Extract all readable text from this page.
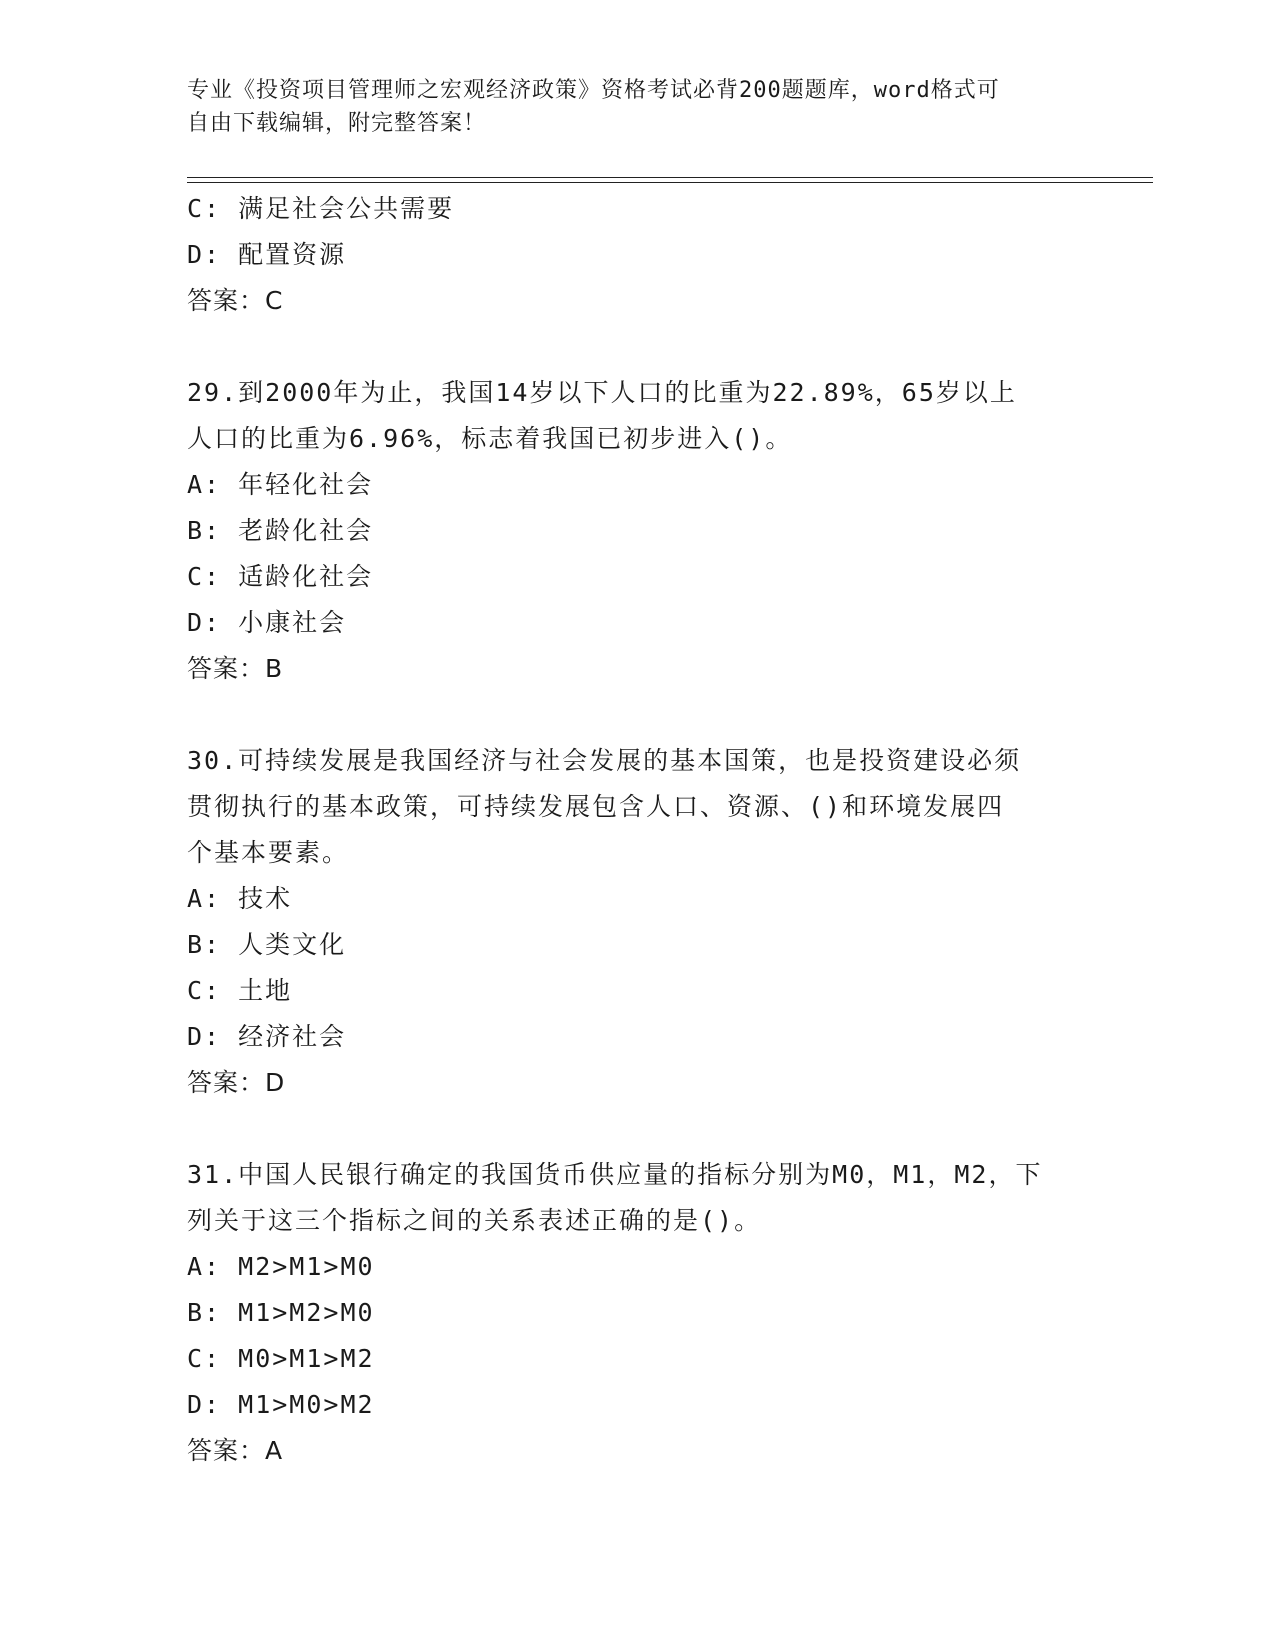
专业《投资项目管理师之宏观经济政策》资格考试必背200题题库，word格式可
自由下载编辑，附完整答案！
C: 满足社会公共需要
D: 配置资源
答案：C
29.到2000年为止，我国14岁以下人口的比重为22.89%，65岁以上
人口的比重为6.96%，标志着我国已初步进入()。
A: 年轻化社会
B: 老龄化社会
C: 适龄化社会
D: 小康社会
答案：B
30.可持续发展是我国经济与社会发展的基本国策，也是投资建设必须
贯彻执行的基本政策，可持续发展包含人口、资源、()和环境发展四
个基本要素。
A: 技术
B: 人类文化
C: 土地
D: 经济社会
答案：D
31.中国人民银行确定的我国货币供应量的指标分别为M0，M1，M2，下
列关于这三个指标之间的关系表述正确的是()。
A: M2>M1>M0
B: M1>M2>M0
C: M0>M1>M2
D: M1>M0>M2
答案：A
